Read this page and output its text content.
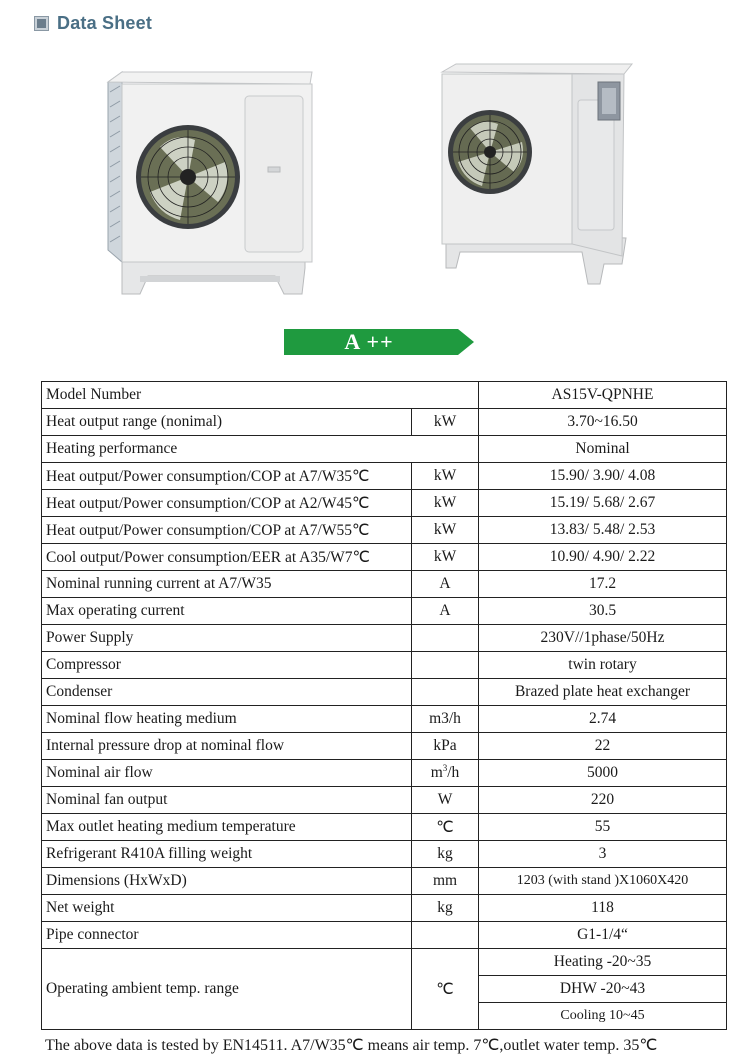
Data Sheet
A ++
Model Number		AS15V-QPNHE
Heat output range (nonimal)	kW	3.70~16.50
Heating performance		Nominal
Heat output/Power consumption/COP at A7/W35℃	kW	15.90/ 3.90/ 4.08
Heat output/Power consumption/COP at A2/W45℃	kW	15.19/ 5.68/ 2.67
Heat output/Power consumption/COP at A7/W55℃	kW	13.83/ 5.48/ 2.53
Cool output/Power consumption/EER at A35/W7℃	kW	10.90/ 4.90/ 2.22
Nominal running current at A7/W35	A	17.2
Max operating current	A	30.5
Power Supply		230V//1phase/50Hz
Compressor		twin rotary
Condenser		Brazed plate heat exchanger
Nominal flow heating medium	m3/h	2.74
Internal pressure drop at nominal flow	kPa	22
Nominal air flow	$m^3/h$	5000
Nominal fan output	W	220
Max outlet heating medium temperature	℃	55
Refrigerant R410A filling weight	kg	3
Dimensions (HxWxD)	mm	1203 (with stand )X1060X420
Net weight	kg	118
Pipe connector		G1-1/4“
Operating ambient temp. range	℃	Heating -20~35
		DHW -20~43
		Cooling 10~45
The above data is tested by EN14511. A7/W35℃ means air temp. 7℃,outlet water temp. 35℃
